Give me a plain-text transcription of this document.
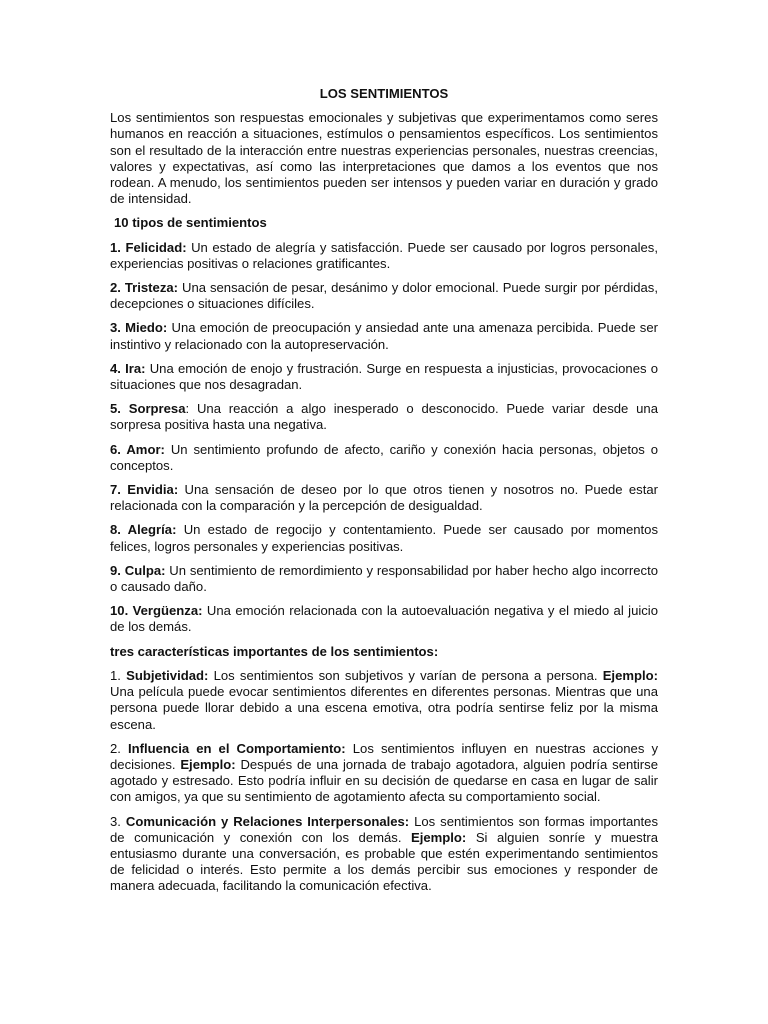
LOS SENTIMIENTOS

Los sentimientos son respuestas emocionales y subjetivas que experimentamos como seres humanos en reacción a situaciones, estímulos o pensamientos específicos. Los sentimientos son el resultado de la interacción entre nuestras experiencias personales, nuestras creencias, valores y expectativas, así como las interpretaciones que damos a los eventos que nos rodean. A menudo, los sentimientos pueden ser intensos y pueden variar en duración y grado de intensidad.

10 tipos de sentimientos

1. Felicidad: Un estado de alegría y satisfacción. Puede ser causado por logros personales, experiencias positivas o relaciones gratificantes.

2. Tristeza: Una sensación de pesar, desánimo y dolor emocional. Puede surgir por pérdidas, decepciones o situaciones difíciles.

3. Miedo: Una emoción de preocupación y ansiedad ante una amenaza percibida. Puede ser instintivo y relacionado con la autopreservación.

4. Ira: Una emoción de enojo y frustración. Surge en respuesta a injusticias, provocaciones o situaciones que nos desagradan.

5. Sorpresa: Una reacción a algo inesperado o desconocido. Puede variar desde una sorpresa positiva hasta una negativa.

6. Amor: Un sentimiento profundo de afecto, cariño y conexión hacia personas, objetos o conceptos.

7. Envidia: Una sensación de deseo por lo que otros tienen y nosotros no. Puede estar relacionada con la comparación y la percepción de desigualdad.

8. Alegría: Un estado de regocijo y contentamiento. Puede ser causado por momentos felices, logros personales y experiencias positivas.

9. Culpa: Un sentimiento de remordimiento y responsabilidad por haber hecho algo incorrecto o causado daño.

10. Vergüenza: Una emoción relacionada con la autoevaluación negativa y el miedo al juicio de los demás.

tres características importantes de los sentimientos:

1. Subjetividad: Los sentimientos son subjetivos y varían de persona a persona. Ejemplo: Una película puede evocar sentimientos diferentes en diferentes personas. Mientras que una persona puede llorar debido a una escena emotiva, otra podría sentirse feliz por la misma escena.

2. Influencia en el Comportamiento: Los sentimientos influyen en nuestras acciones y decisiones. Ejemplo: Después de una jornada de trabajo agotadora, alguien podría sentirse agotado y estresado. Esto podría influir en su decisión de quedarse en casa en lugar de salir con amigos, ya que su sentimiento de agotamiento afecta su comportamiento social.

3. Comunicación y Relaciones Interpersonales: Los sentimientos son formas importantes de comunicación y conexión con los demás. Ejemplo: Si alguien sonríe y muestra entusiasmo durante una conversación, es probable que estén experimentando sentimientos de felicidad o interés. Esto permite a los demás percibir sus emociones y responder de manera adecuada, facilitando la comunicación efectiva.
